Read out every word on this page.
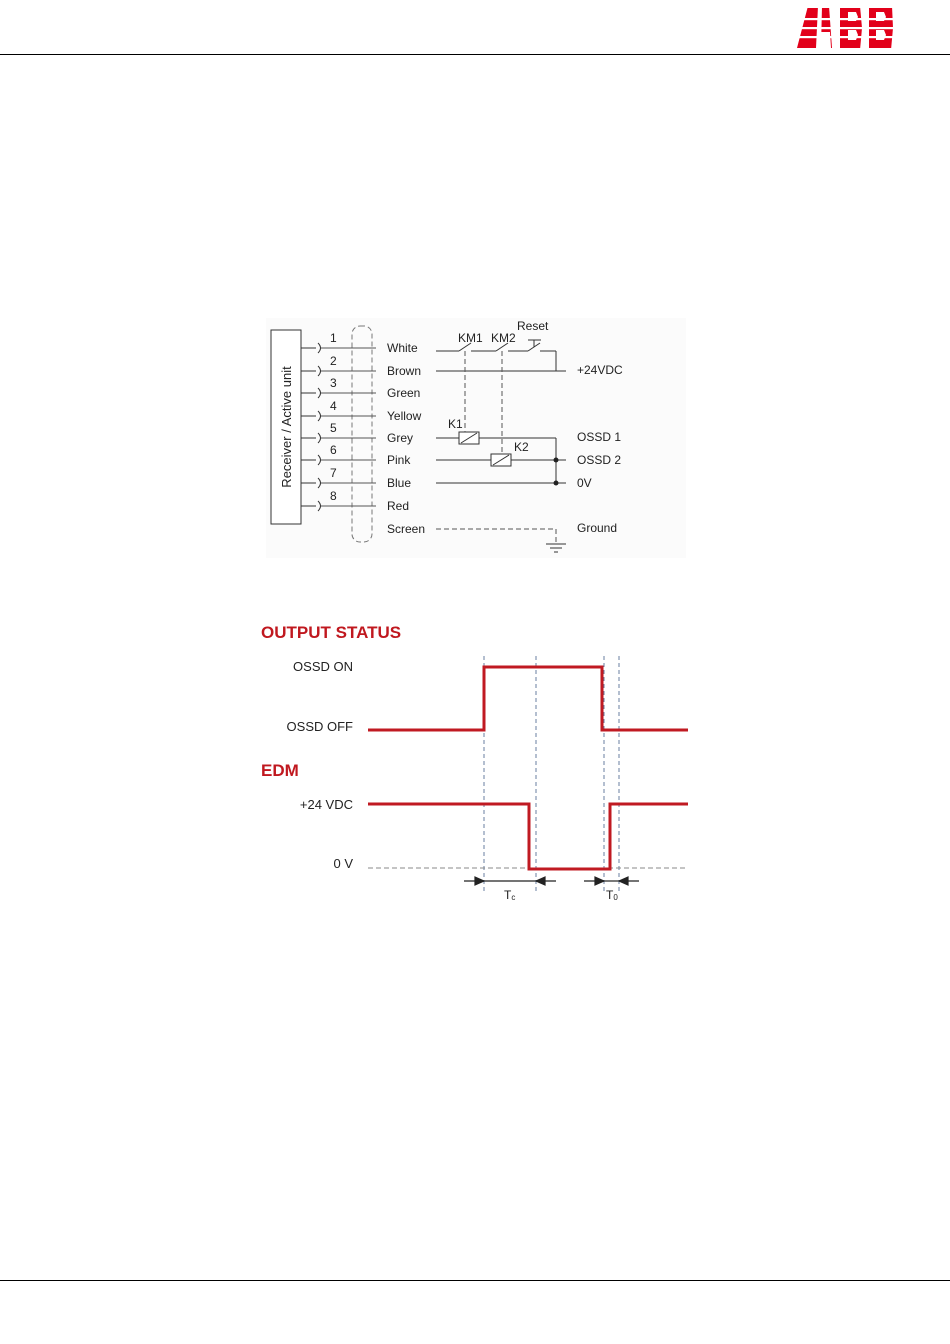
Receiver / Active unit
1
White
2
Brown
3
Green
4
Yellow
5
Grey
6
Pink
7
Blue
8
Red
Screen
KM1 KM2
Reset
K1
K2
+24VDC
OSSD 1
OSSD 2
0V
Ground
OUTPUT STATUS
OSSD ON
OSSD OFF
EDM
+24 VDC
0 V
Tc	T0
